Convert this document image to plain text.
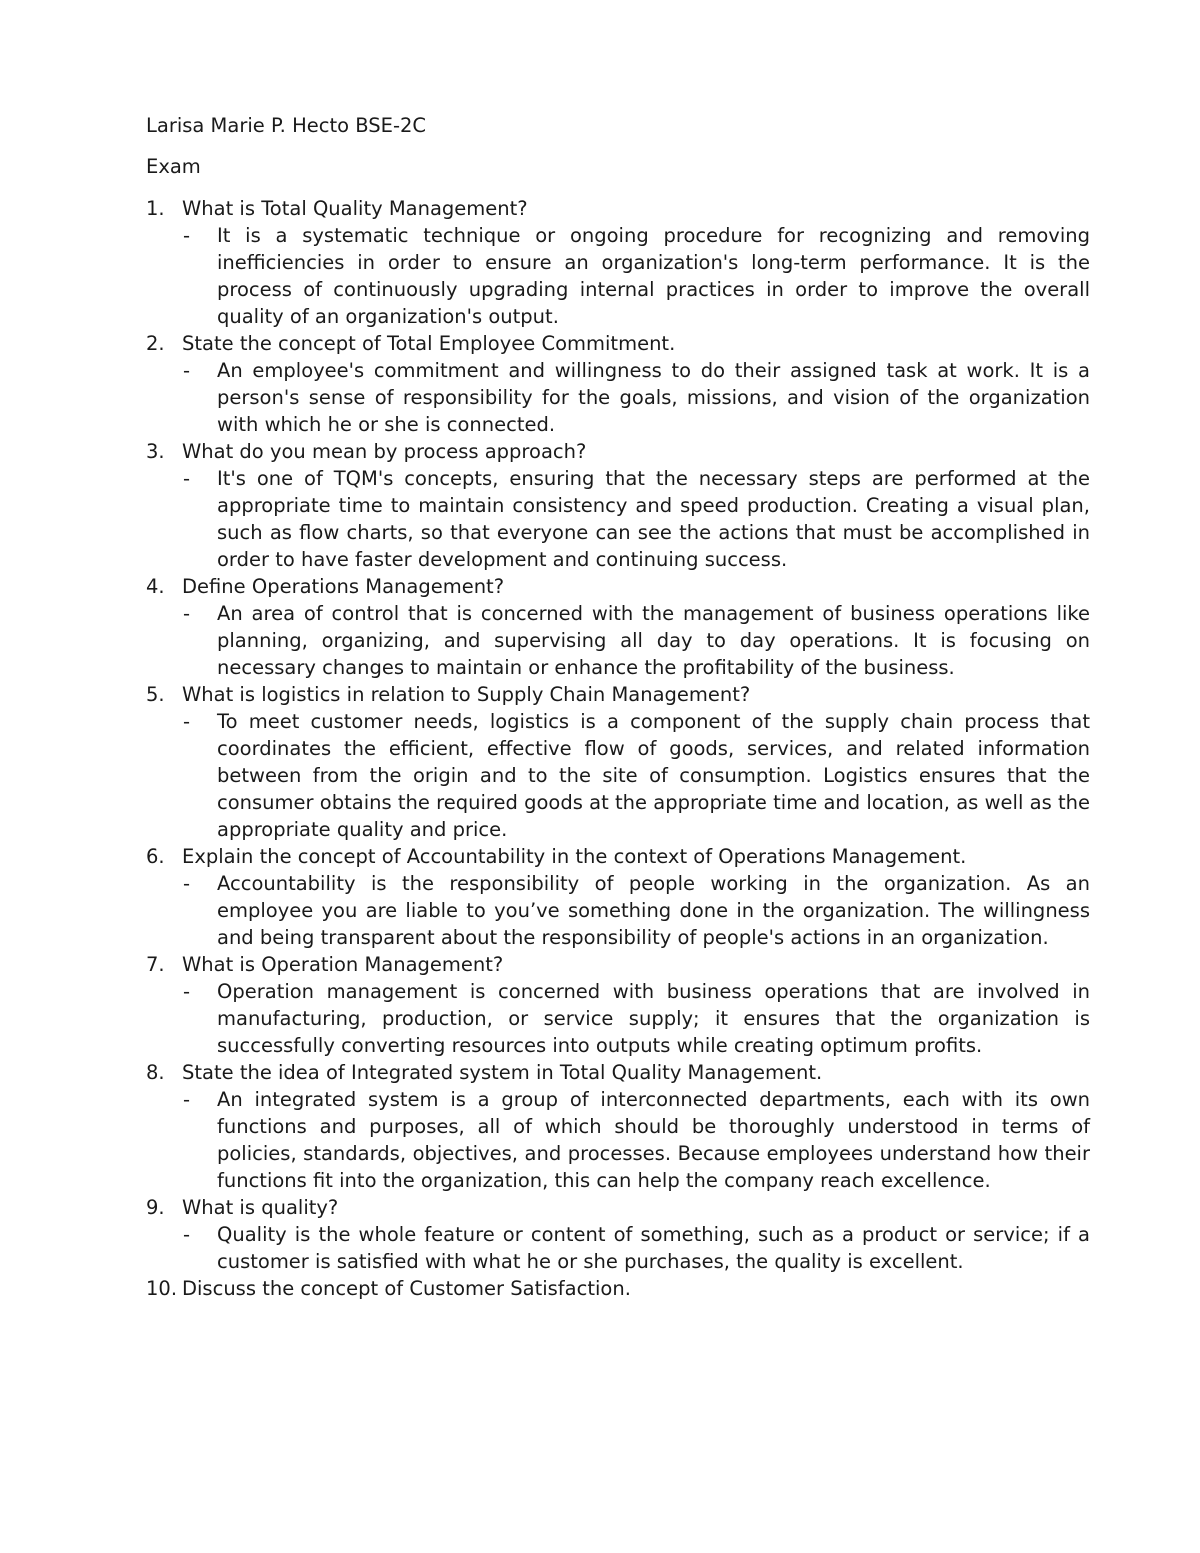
Larisa Marie P. Hecto BSE-2C
Exam
1. What is Total Quality Management?
- It is a systematic technique or ongoing procedure for recognizing and removing inefficiencies in order to ensure an organization's long-term performance. It is the process of continuously upgrading internal practices in order to improve the overall quality of an organization's output.
2. State the concept of Total Employee Commitment.
- An employee's commitment and willingness to do their assigned task at work. It is a person's sense of responsibility for the goals, missions, and vision of the organization with which he or she is connected.
3. What do you mean by process approach?
- It's one of TQM's concepts, ensuring that the necessary steps are performed at the appropriate time to maintain consistency and speed production. Creating a visual plan, such as flow charts, so that everyone can see the actions that must be accomplished in order to have faster development and continuing success.
4. Define Operations Management?
- An area of control that is concerned with the management of business operations like planning, organizing, and supervising all day to day operations. It is focusing on necessary changes to maintain or enhance the profitability of the business.
5. What is logistics in relation to Supply Chain Management?
- To meet customer needs, logistics is a component of the supply chain process that coordinates the efficient, effective flow of goods, services, and related information between from the origin and to the site of consumption. Logistics ensures that the consumer obtains the required goods at the appropriate time and location, as well as the appropriate quality and price.
6. Explain the concept of Accountability in the context of Operations Management.
- Accountability is the responsibility of people working in the organization. As an employee you are liable to you’ve something done in the organization. The willingness and being transparent about the responsibility of people's actions in an organization.
7. What is Operation Management?
- Operation management is concerned with business operations that are involved in manufacturing, production, or service supply; it ensures that the organization is successfully converting resources into outputs while creating optimum profits.
8. State the idea of Integrated system in Total Quality Management.
- An integrated system is a group of interconnected departments, each with its own functions and purposes, all of which should be thoroughly understood in terms of policies, standards, objectives, and processes. Because employees understand how their functions fit into the organization, this can help the company reach excellence.
9. What is quality?
- Quality is the whole feature or content of something, such as a product or service; if a customer is satisfied with what he or she purchases, the quality is excellent.
10. Discuss the concept of Customer Satisfaction.
